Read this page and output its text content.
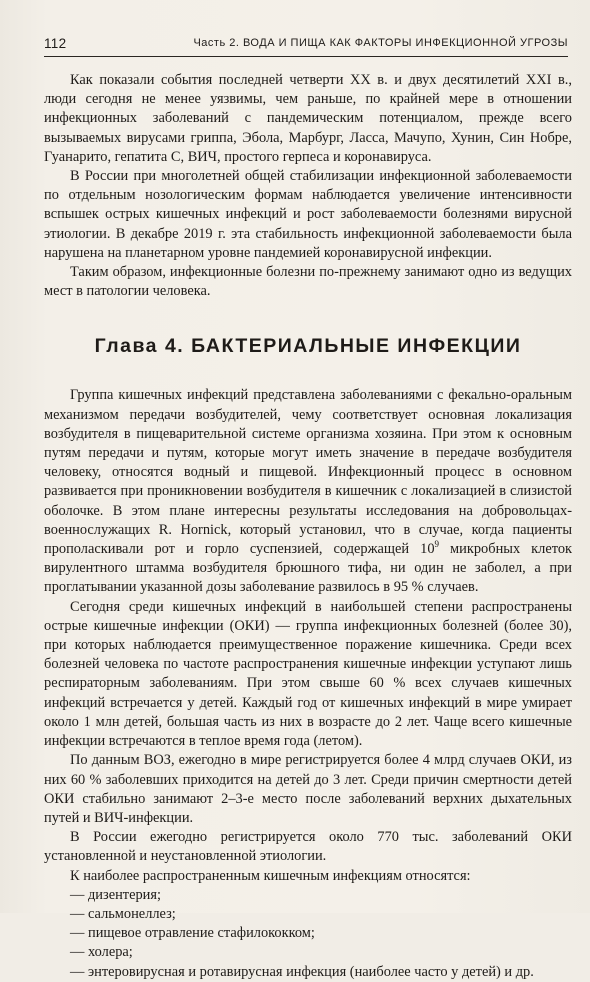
112	Часть 2. ВОДА И ПИЩА КАК ФАКТОРЫ ИНФЕКЦИОННОЙ УГРОЗЫ

Как показали события последней четверти XX в. и двух десятилетий XXI в., люди сегодня не менее уязвимы, чем раньше, по крайней мере в отношении инфекционных заболеваний с пандемическим потенциалом, прежде всего вызываемых вирусами гриппа, Эбола, Марбург, Ласса, Мачупо, Хунин, Син Нобре, Гуанарито, гепатита С, ВИЧ, простого герпеса и коронавируса.

В России при многолетней общей стабилизации инфекционной заболеваемости по отдельным нозологическим формам наблюдается увеличение интенсивности вспышек острых кишечных инфекций и рост заболеваемости болезнями вирусной этиологии. В декабре 2019 г. эта стабильность инфекционной заболеваемости была нарушена на планетарном уровне пандемией коронавирусной инфекции.

Таким образом, инфекционные болезни по-прежнему занимают одно из ведущих мест в патологии человека.

Глава 4. БАКТЕРИАЛЬНЫЕ ИНФЕКЦИИ

Группа кишечных инфекций представлена заболеваниями с фекально-оральным механизмом передачи возбудителей, чему соответствует основная локализация возбудителя в пищеварительной системе организма хозяина. При этом к основным путям передачи и путям, которые могут иметь значение в передаче возбудителя человеку, относятся водный и пищевой. Инфекционный процесс в основном развивается при проникновении возбудителя в кишечник с локализацией в слизистой оболочке. В этом плане интересны результаты исследования на добровольцах-военнослужащих R. Hornick, который установил, что в случае, когда пациенты прополаскивали рот и горло суспензией, содержащей $10^9$ микробных клеток вирулентного штамма возбудителя брюшного тифа, ни один не заболел, а при проглатывании указанной дозы заболевание развилось в 95 % случаев.

Сегодня среди кишечных инфекций в наибольшей степени распространены острые кишечные инфекции (ОКИ) — группа инфекционных болезней (более 30), при которых наблюдается преимущественное поражение кишечника. Среди всех болезней человека по частоте распространения кишечные инфекции уступают лишь респираторным заболеваниям. При этом свыше 60 % всех случаев кишечных инфекций встречается у детей. Каждый год от кишечных инфекций в мире умирает около 1 млн детей, большая часть из них в возрасте до 2 лет. Чаще всего кишечные инфекции встречаются в теплое время года (летом).

По данным ВОЗ, ежегодно в мире регистрируется более 4 млрд случаев ОКИ, из них 60 % заболевших приходится на детей до 3 лет. Среди причин смертности детей ОКИ стабильно занимают 2–3-е место после заболеваний верхних дыхательных путей и ВИЧ-инфекции.

В России ежегодно регистрируется около 770 тыс. заболеваний ОКИ установленной и неустановленной этиологии.

К наиболее распространенным кишечным инфекциям относятся:

— дизентерия;
— сальмонеллез;
— пищевое отравление стафилококком;
— холера;
— энтеровирусная и ротавирусная инфекция (наиболее часто у детей) и др.
